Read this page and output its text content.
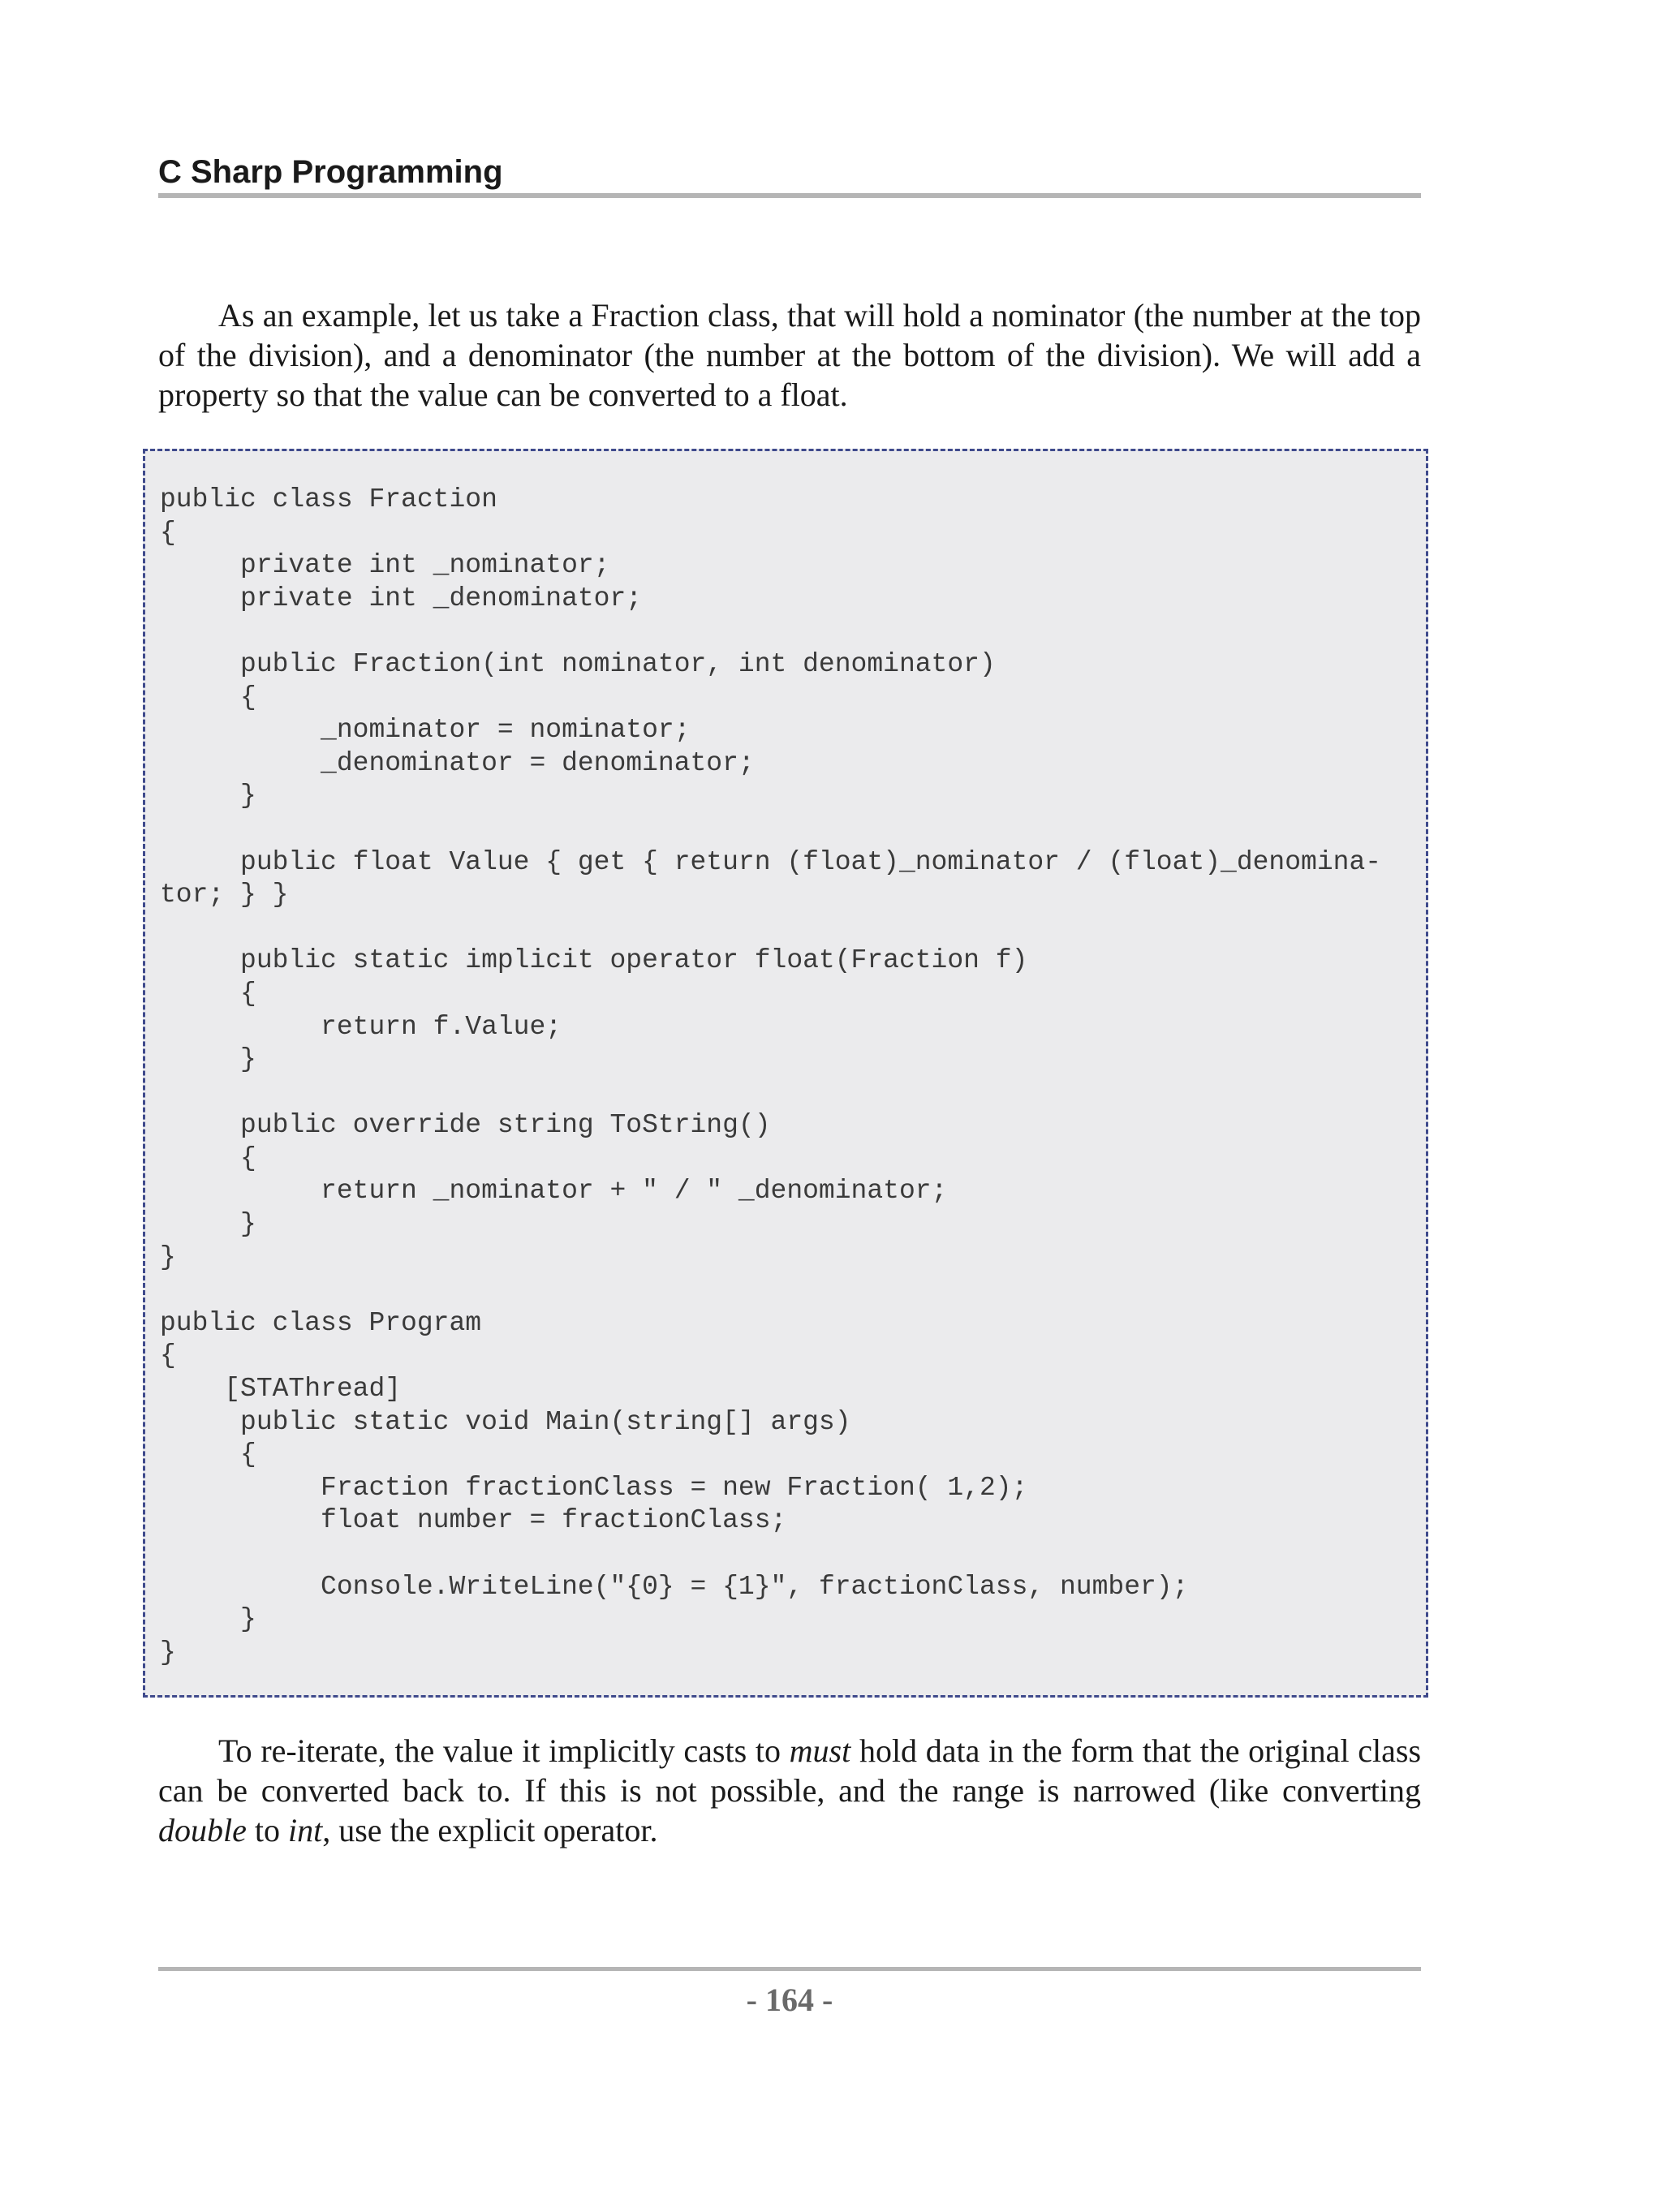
C Sharp Programming

As an example, let us take a Fraction class, that will hold a nominator (the number at the top of the division), and a denominator (the number at the bottom of the division). We will add a property so that the value can be converted to a float.

public class Fraction
{
private int _nominator;
private int _denominator;

public Fraction(int nominator, int denominator)
{
_nominator = nominator;
_denominator = denominator;
}

public float Value { get { return (float)_nominator / (float)_denomina-
tor; } }

public static implicit operator float(Fraction f)
{
return f.Value;
}

public override string ToString()
{
return _nominator + " / " _denominator;
}
}

public class Program
{
[STAThread]
public static void Main(string[] args)
{
Fraction fractionClass = new Fraction( 1,2);
float number = fractionClass;

Console.WriteLine("{0} = {1}", fractionClass, number);
}
}

To re-iterate, the value it implicitly casts to must hold data in the form that the original class can be converted back to. If this is not possible, and the range is narrowed (like converting double to int, use the explicit operator.

- 164 -
